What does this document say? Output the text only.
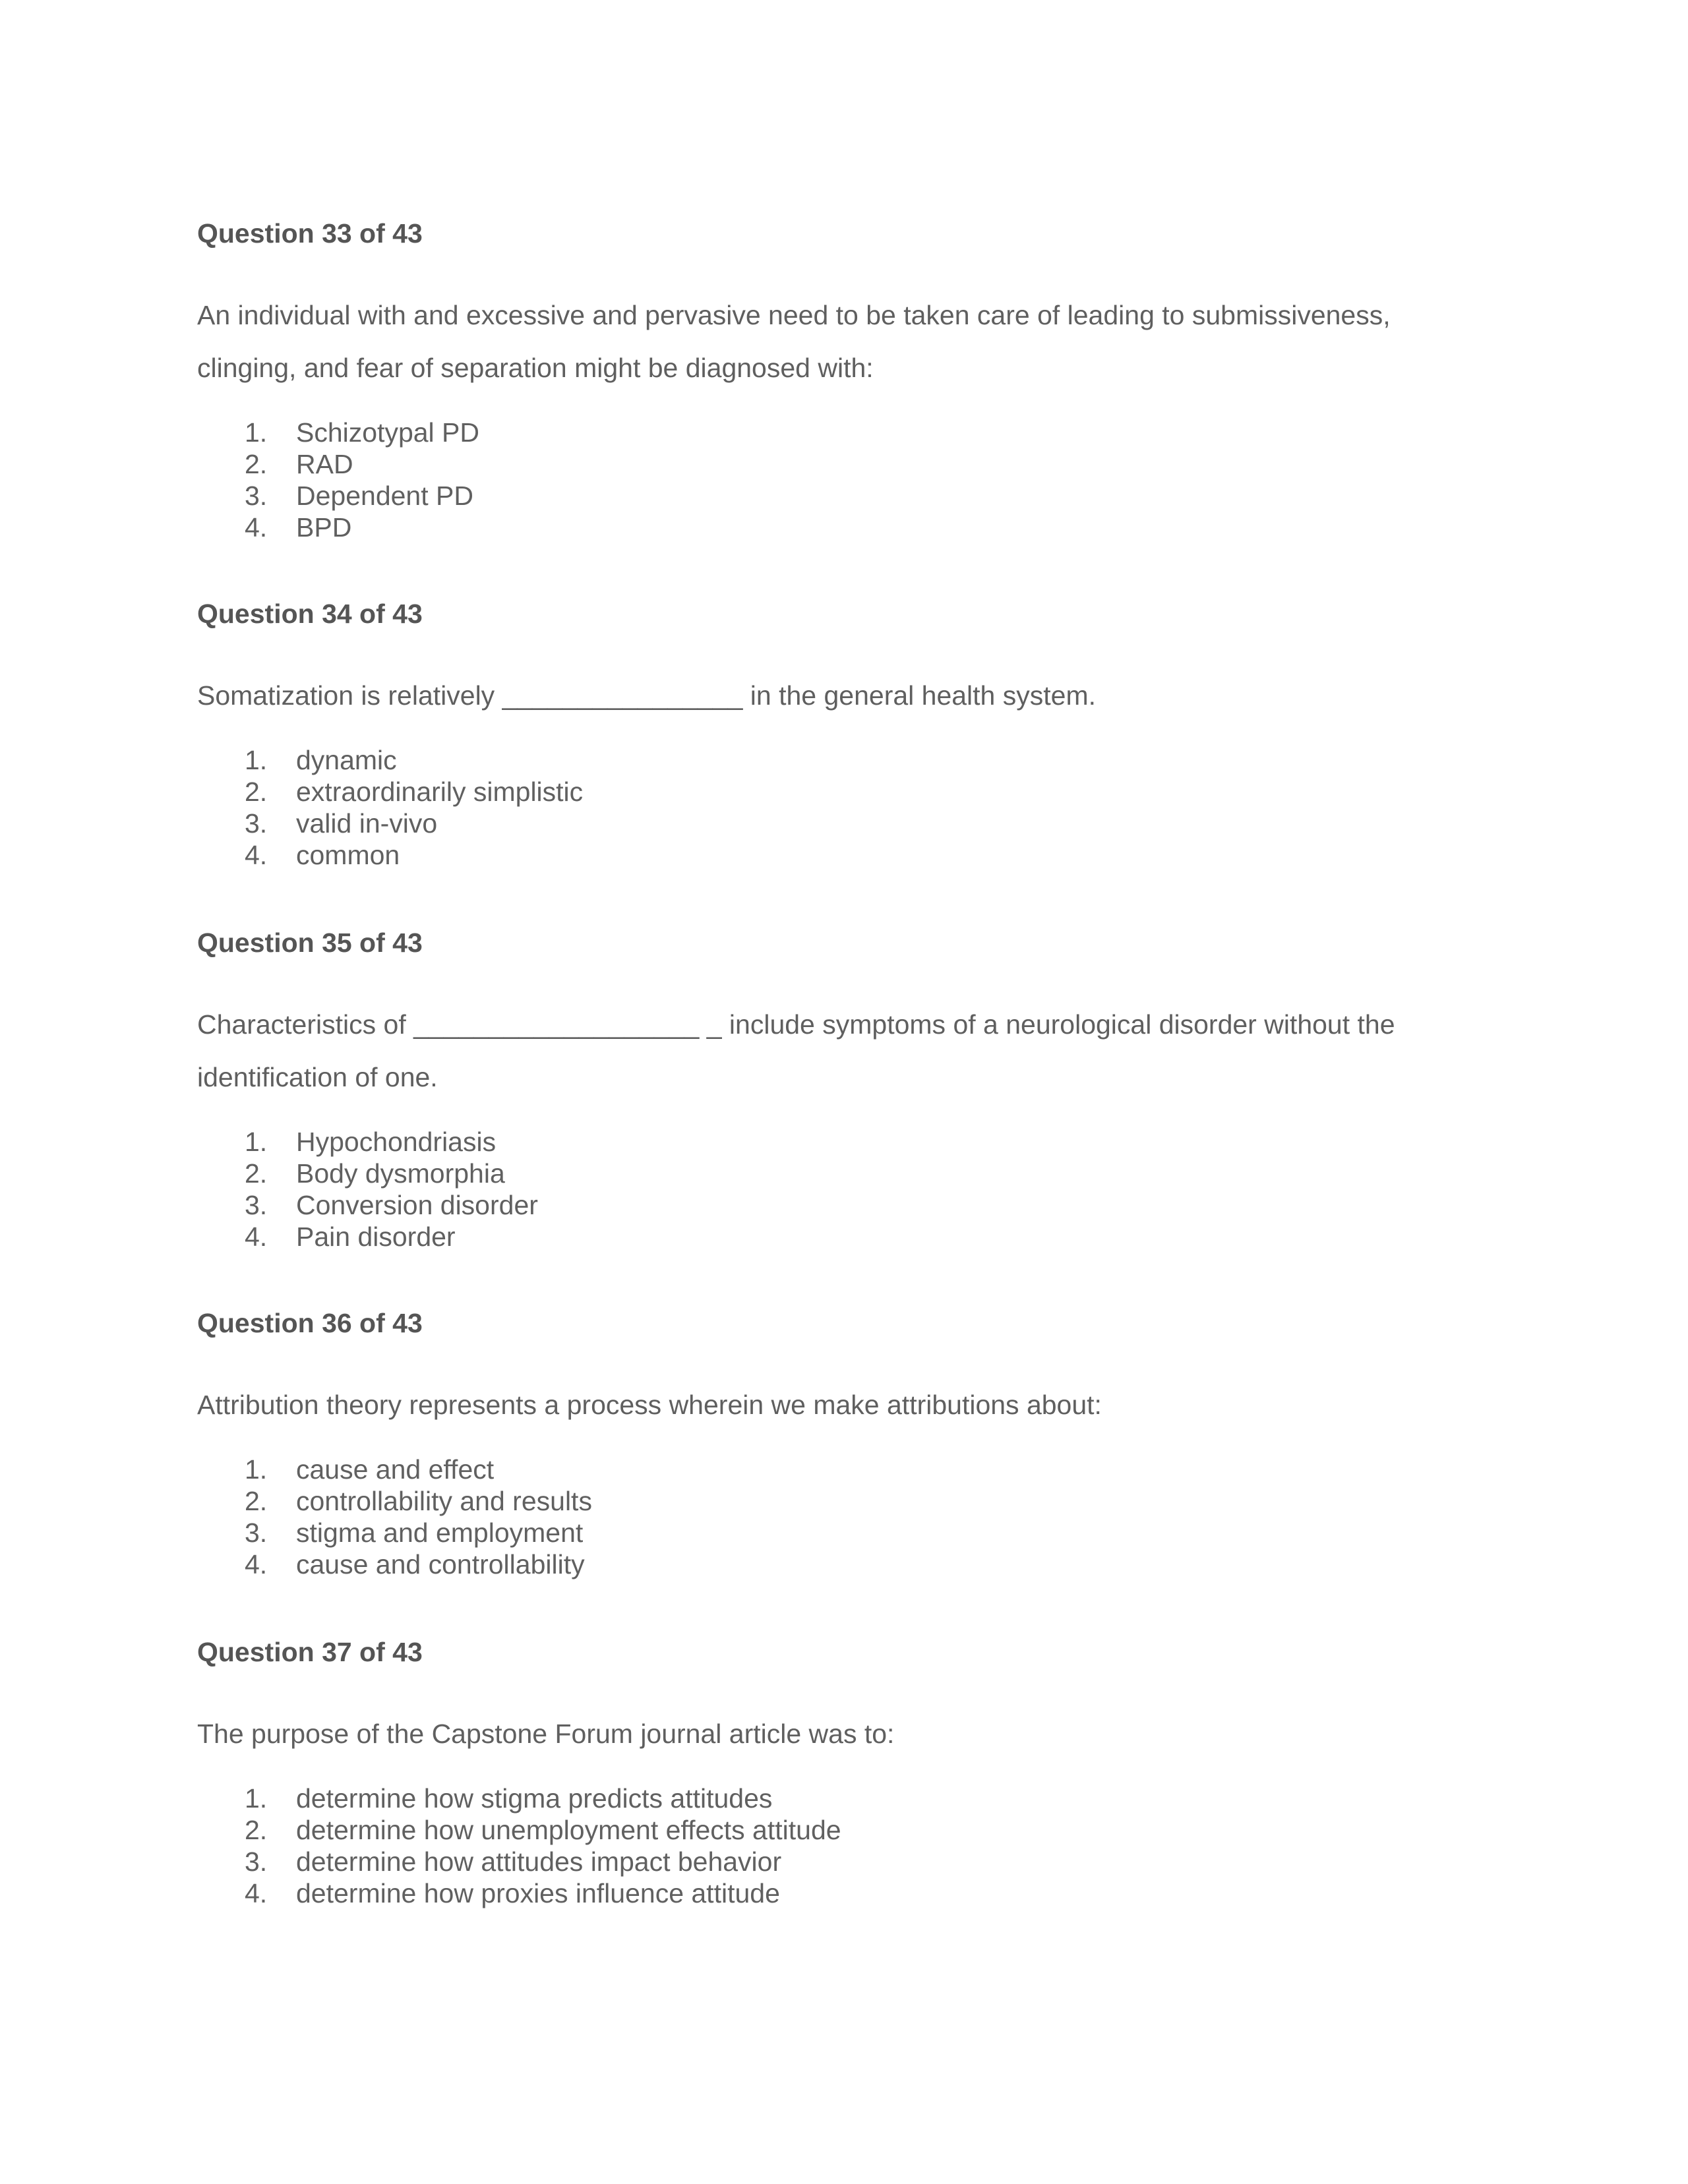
Question 33 of 43
An individual with and excessive and pervasive need to be taken care of leading to submissiveness,
clinging, and fear of separation might be diagnosed with:
1. Schizotypal PD
2. RAD
3. Dependent PD
4. BPD
Question 34 of 43
Somatization is relatively ________________ in the general health system.
1. dynamic
2. extraordinarily simplistic
3. valid in-vivo
4. common
Question 35 of 43
Characteristics of ___________________ _ include symptoms of a neurological disorder without the
identification of one.
1. Hypochondriasis
2. Body dysmorphia
3. Conversion disorder
4. Pain disorder
Question 36 of 43
Attribution theory represents a process wherein we make attributions about:
1. cause and effect
2. controllability and results
3. stigma and employment
4. cause and controllability
Question 37 of 43
The purpose of the Capstone Forum journal article was to:
1. determine how stigma predicts attitudes
2. determine how unemployment effects attitude
3. determine how attitudes impact behavior
4. determine how proxies influence attitude
